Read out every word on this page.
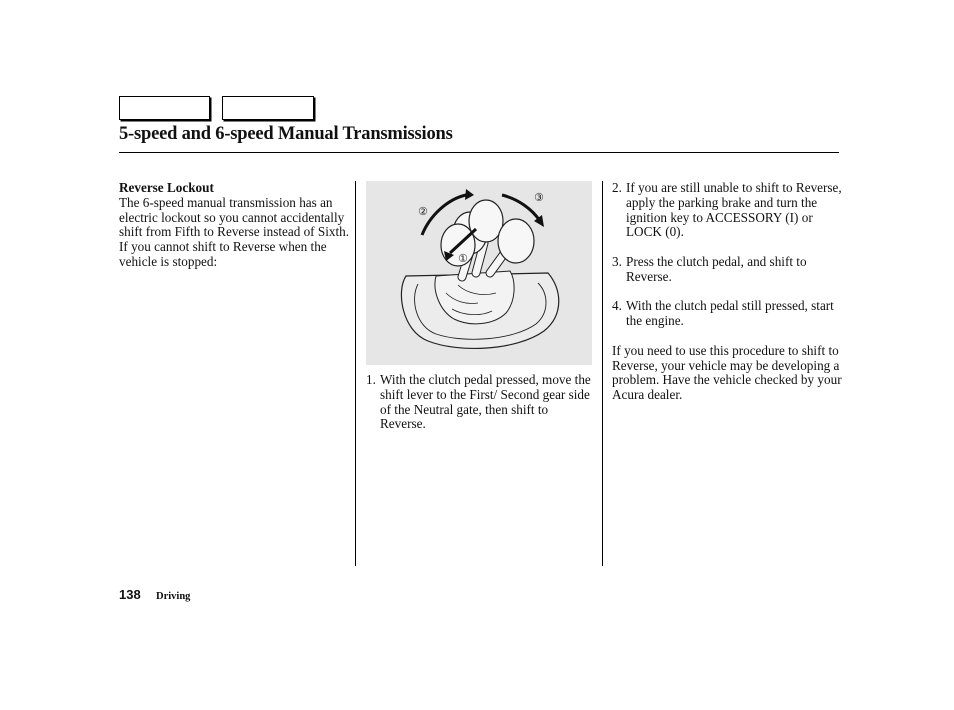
5-speed and 6-speed Manual Transmissions

Reverse Lockout

The 6-speed manual transmission has an electric lockout so you cannot accidentally shift from Fifth to Reverse instead of Sixth. If you cannot shift to Reverse when the vehicle is stopped:

②
③
①
1. With the clutch pedal pressed, move the shift lever to the First/ Second gear side of the Neutral gate, then shift to Reverse.
2. If you are still unable to shift to Reverse, apply the parking brake and turn the ignition key to ACCESSORY (I) or LOCK (0).
3. Press the clutch pedal, and shift to Reverse.
4. With the clutch pedal still pressed, start the engine.

If you need to use this procedure to shift to Reverse, your vehicle may be developing a problem. Have the vehicle checked by your Acura dealer.

138 Driving
